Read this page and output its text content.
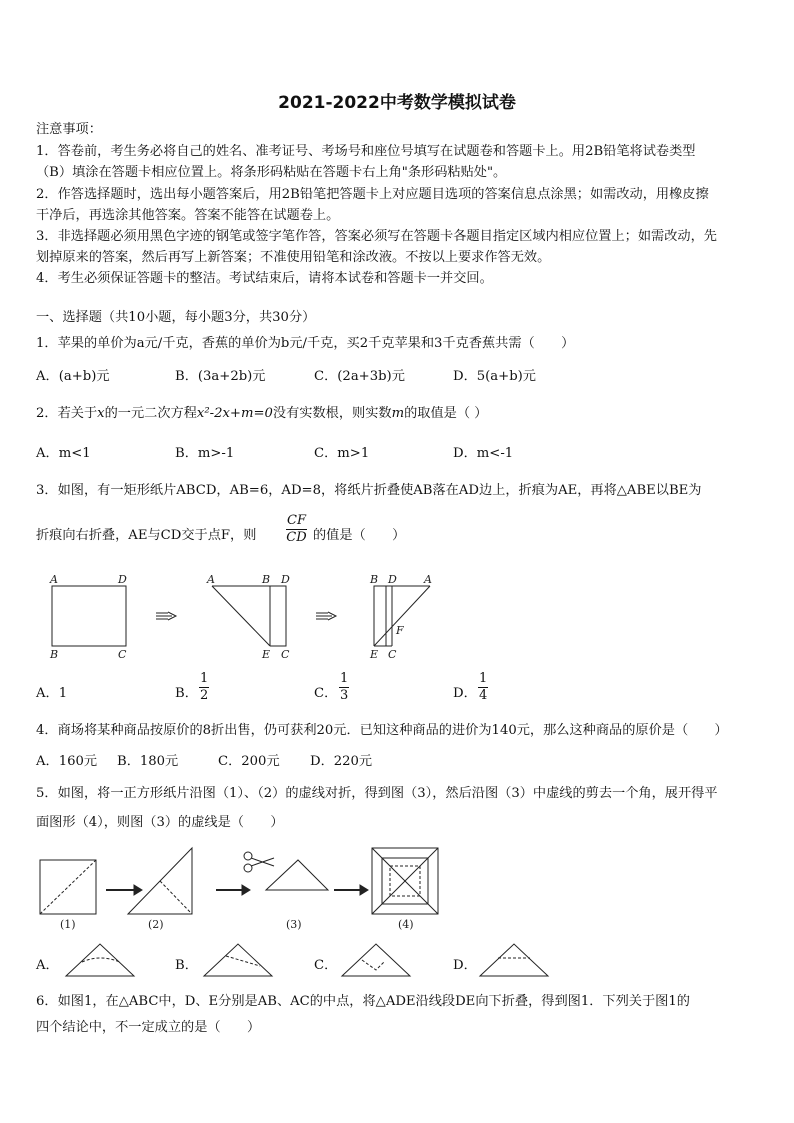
2021-2022中考数学模拟试卷
注意事项：
1．答卷前，考生务必将自己的姓名、准考证号、考场号和座位号填写在试题卷和答题卡上。用2B铅笔将试卷类型
（B）填涂在答题卡相应位置上。将条形码粘贴在答题卡右上角"条形码粘贴处"。
2．作答选择题时，选出每小题答案后，用2B铅笔把答题卡上对应题目选项的答案信息点涂黑；如需改动，用橡皮擦
干净后，再选涂其他答案。答案不能答在试题卷上。
3．非选择题必须用黑色字迹的钢笔或签字笔作答，答案必须写在答题卡各题目指定区域内相应位置上；如需改动，先
划掉原来的答案，然后再写上新答案；不准使用铅笔和涂改液。不按以上要求作答无效。
4．考生必须保证答题卡的整洁。考试结束后，请将本试卷和答题卡一并交回。
一、选择题（共10小题，每小题3分，共30分）
1．苹果的单价为a元/千克，香蕉的单价为b元/千克，买2千克苹果和3千克香蕉共需（　　）
A．(a+b)元	B．(3a+2b)元	C．(2a+3b)元	D．5(a+b)元
2．若关于x的一元二次方程x²-2x+m=0没有实数根，则实数m的取值是（ ）
A．m<1	B．m>-1	C．m>1	D．m<-1
3．如图，有一矩形纸片ABCD，AB=6，AD=8，将纸片折叠使AB落在AD边上，折痕为AE，再将△ABE以BE为
折痕向右折叠，AE与CD交于点F，则 $\frac{CF}{CD}$ 的值是（　　）
A	D
B	C
A	B D
E C
B D A
F
E C
A．1	B． $\frac{1}{2}$	C． $\frac{1}{3}$	D． $\frac{1}{4}$
4．商场将某种商品按原价的8折出售，仍可获利20元．已知这种商品的进价为140元，那么这种商品的原价是（　　）
A．160元 B．180元	C．200元 D．220元
5．如图，将一正方形纸片沿图（1）、（2）的虚线对折，得到图（3），然后沿图（3）中虚线的剪去一个角，展开得平
面图形（4），则图（3）的虚线是（　　）
(1)	(2)	(3)	(4)
A．	B．	C．	D．
6．如图1，在△ABC中，D、E分别是AB、AC的中点，将△ADE沿线段DE向下折叠，得到图1．下列关于图1的
四个结论中，不一定成立的是（　　）
